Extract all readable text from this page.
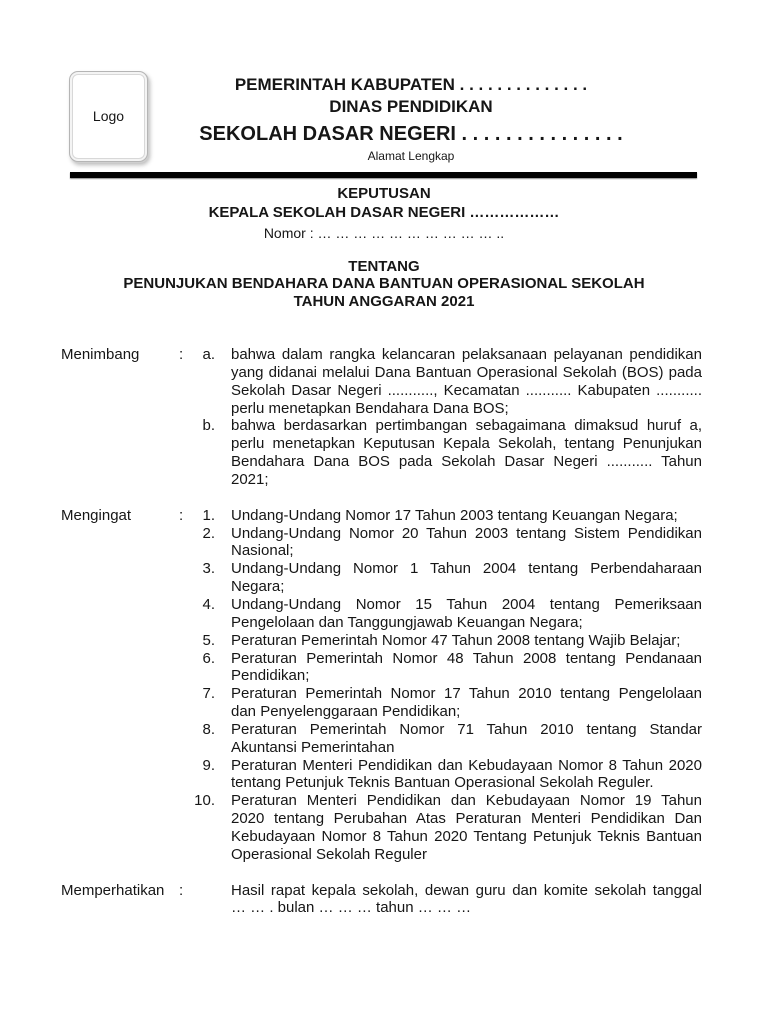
Logo
PEMERINTAH KABUPATEN . . . . . . . . . . . . . .
DINAS PENDIDIKAN
SEKOLAH DASAR NEGERI . . . . . . . . . . . . . . .
Alamat Lengkap
KEPUTUSAN
KEPALA SEKOLAH DASAR NEGERI ………………
Nomor : … … … … … … … … … … ..
TENTANG
PENUNJUKAN BENDAHARA DANA BANTUAN OPERASIONAL SEKOLAH
TAHUN ANGGARAN 2021
Menimbang	:	a. bahwa dalam rangka kelancaran pelaksanaan pelayanan pendidikan
yang didanai melalui Dana Bantuan Operasional Sekolah (BOS) pada
Sekolah Dasar Negeri ..........., Kecamatan ........... Kabupaten ...........
perlu menetapkan Bendahara Dana BOS;
b. bahwa berdasarkan pertimbangan sebagaimana dimaksud huruf a,
perlu menetapkan Keputusan Kepala Sekolah, tentang Penunjukan
Bendahara Dana BOS pada Sekolah Dasar Negeri ........... Tahun
2021;
Mengingat	:	1. Undang-Undang Nomor 17 Tahun 2003 tentang Keuangan Negara;
2. Undang-Undang Nomor 20 Tahun 2003 tentang Sistem Pendidikan
Nasional;
3. Undang-Undang Nomor 1 Tahun 2004 tentang Perbendaharaan
Negara;
4. Undang-Undang Nomor 15 Tahun 2004 tentang Pemeriksaan
Pengelolaan dan Tanggungjawab Keuangan Negara;
5. Peraturan Pemerintah Nomor 47 Tahun 2008 tentang Wajib Belajar;
6. Peraturan Pemerintah Nomor 48 Tahun 2008 tentang Pendanaan
Pendidikan;
7. Peraturan Pemerintah Nomor 17 Tahun 2010 tentang Pengelolaan
dan Penyelenggaraan Pendidikan;
8. Peraturan Pemerintah Nomor 71 Tahun 2010 tentang Standar
Akuntansi Pemerintahan
9. Peraturan Menteri Pendidikan dan Kebudayaan Nomor 8 Tahun 2020
tentang Petunjuk Teknis Bantuan Operasional Sekolah Reguler.
10. Peraturan Menteri Pendidikan dan Kebudayaan Nomor 19 Tahun
2020 tentang Perubahan Atas Peraturan Menteri Pendidikan Dan
Kebudayaan Nomor 8 Tahun 2020 Tentang Petunjuk Teknis Bantuan
Operasional Sekolah Reguler
Memperhatikan :	Hasil rapat kepala sekolah, dewan guru dan komite sekolah tanggal
… … . bulan … … … tahun … … …
